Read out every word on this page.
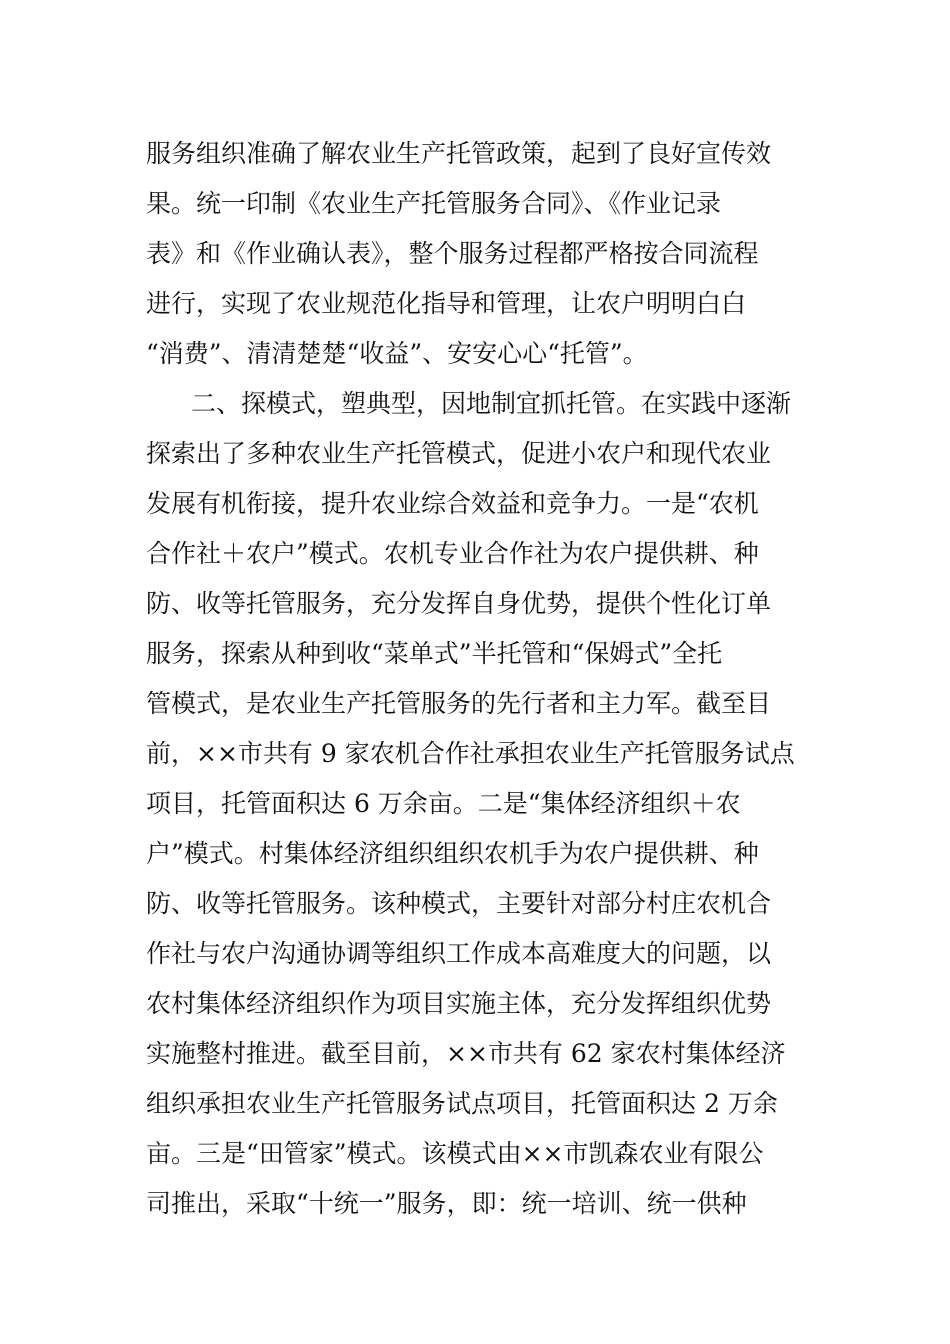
服务组织准确了解农业生产托管政策，起到了良好宣传效
果。统一印制《农业生产托管服务合同》、《作业记录
表》和《作业确认表》，整个服务过程都严格按合同流程
进行，实现了农业规范化指导和管理，让农户明明白白
“消费”、清清楚楚“收益”、安安心心“托管”。
二、探模式，塑典型，因地制宜抓托管。在实践中逐渐
探索出了多种农业生产托管模式，促进小农户和现代农业
发展有机衔接，提升农业综合效益和竞争力。一是“农机
合作社＋农户”模式。农机专业合作社为农户提供耕、种
防、收等托管服务，充分发挥自身优势，提供个性化订单
服务，探索从种到收“菜单式”半托管和“保姆式”全托
管模式，是农业生产托管服务的先行者和主力军。截至目
前，××市共有 9 家农机合作社承担农业生产托管服务试点
项目，托管面积达 6 万余亩。二是“集体经济组织＋农
户”模式。村集体经济组织组织农机手为农户提供耕、种
防、收等托管服务。该种模式，主要针对部分村庄农机合
作社与农户沟通协调等组织工作成本高难度大的问题，以
农村集体经济组织作为项目实施主体，充分发挥组织优势
实施整村推进。截至目前，××市共有 62 家农村集体经济
组织承担农业生产托管服务试点项目，托管面积达 2 万余
亩。三是“田管家”模式。该模式由××市凯森农业有限公
司推出，采取“十统一”服务，即：统一培训、统一供种
